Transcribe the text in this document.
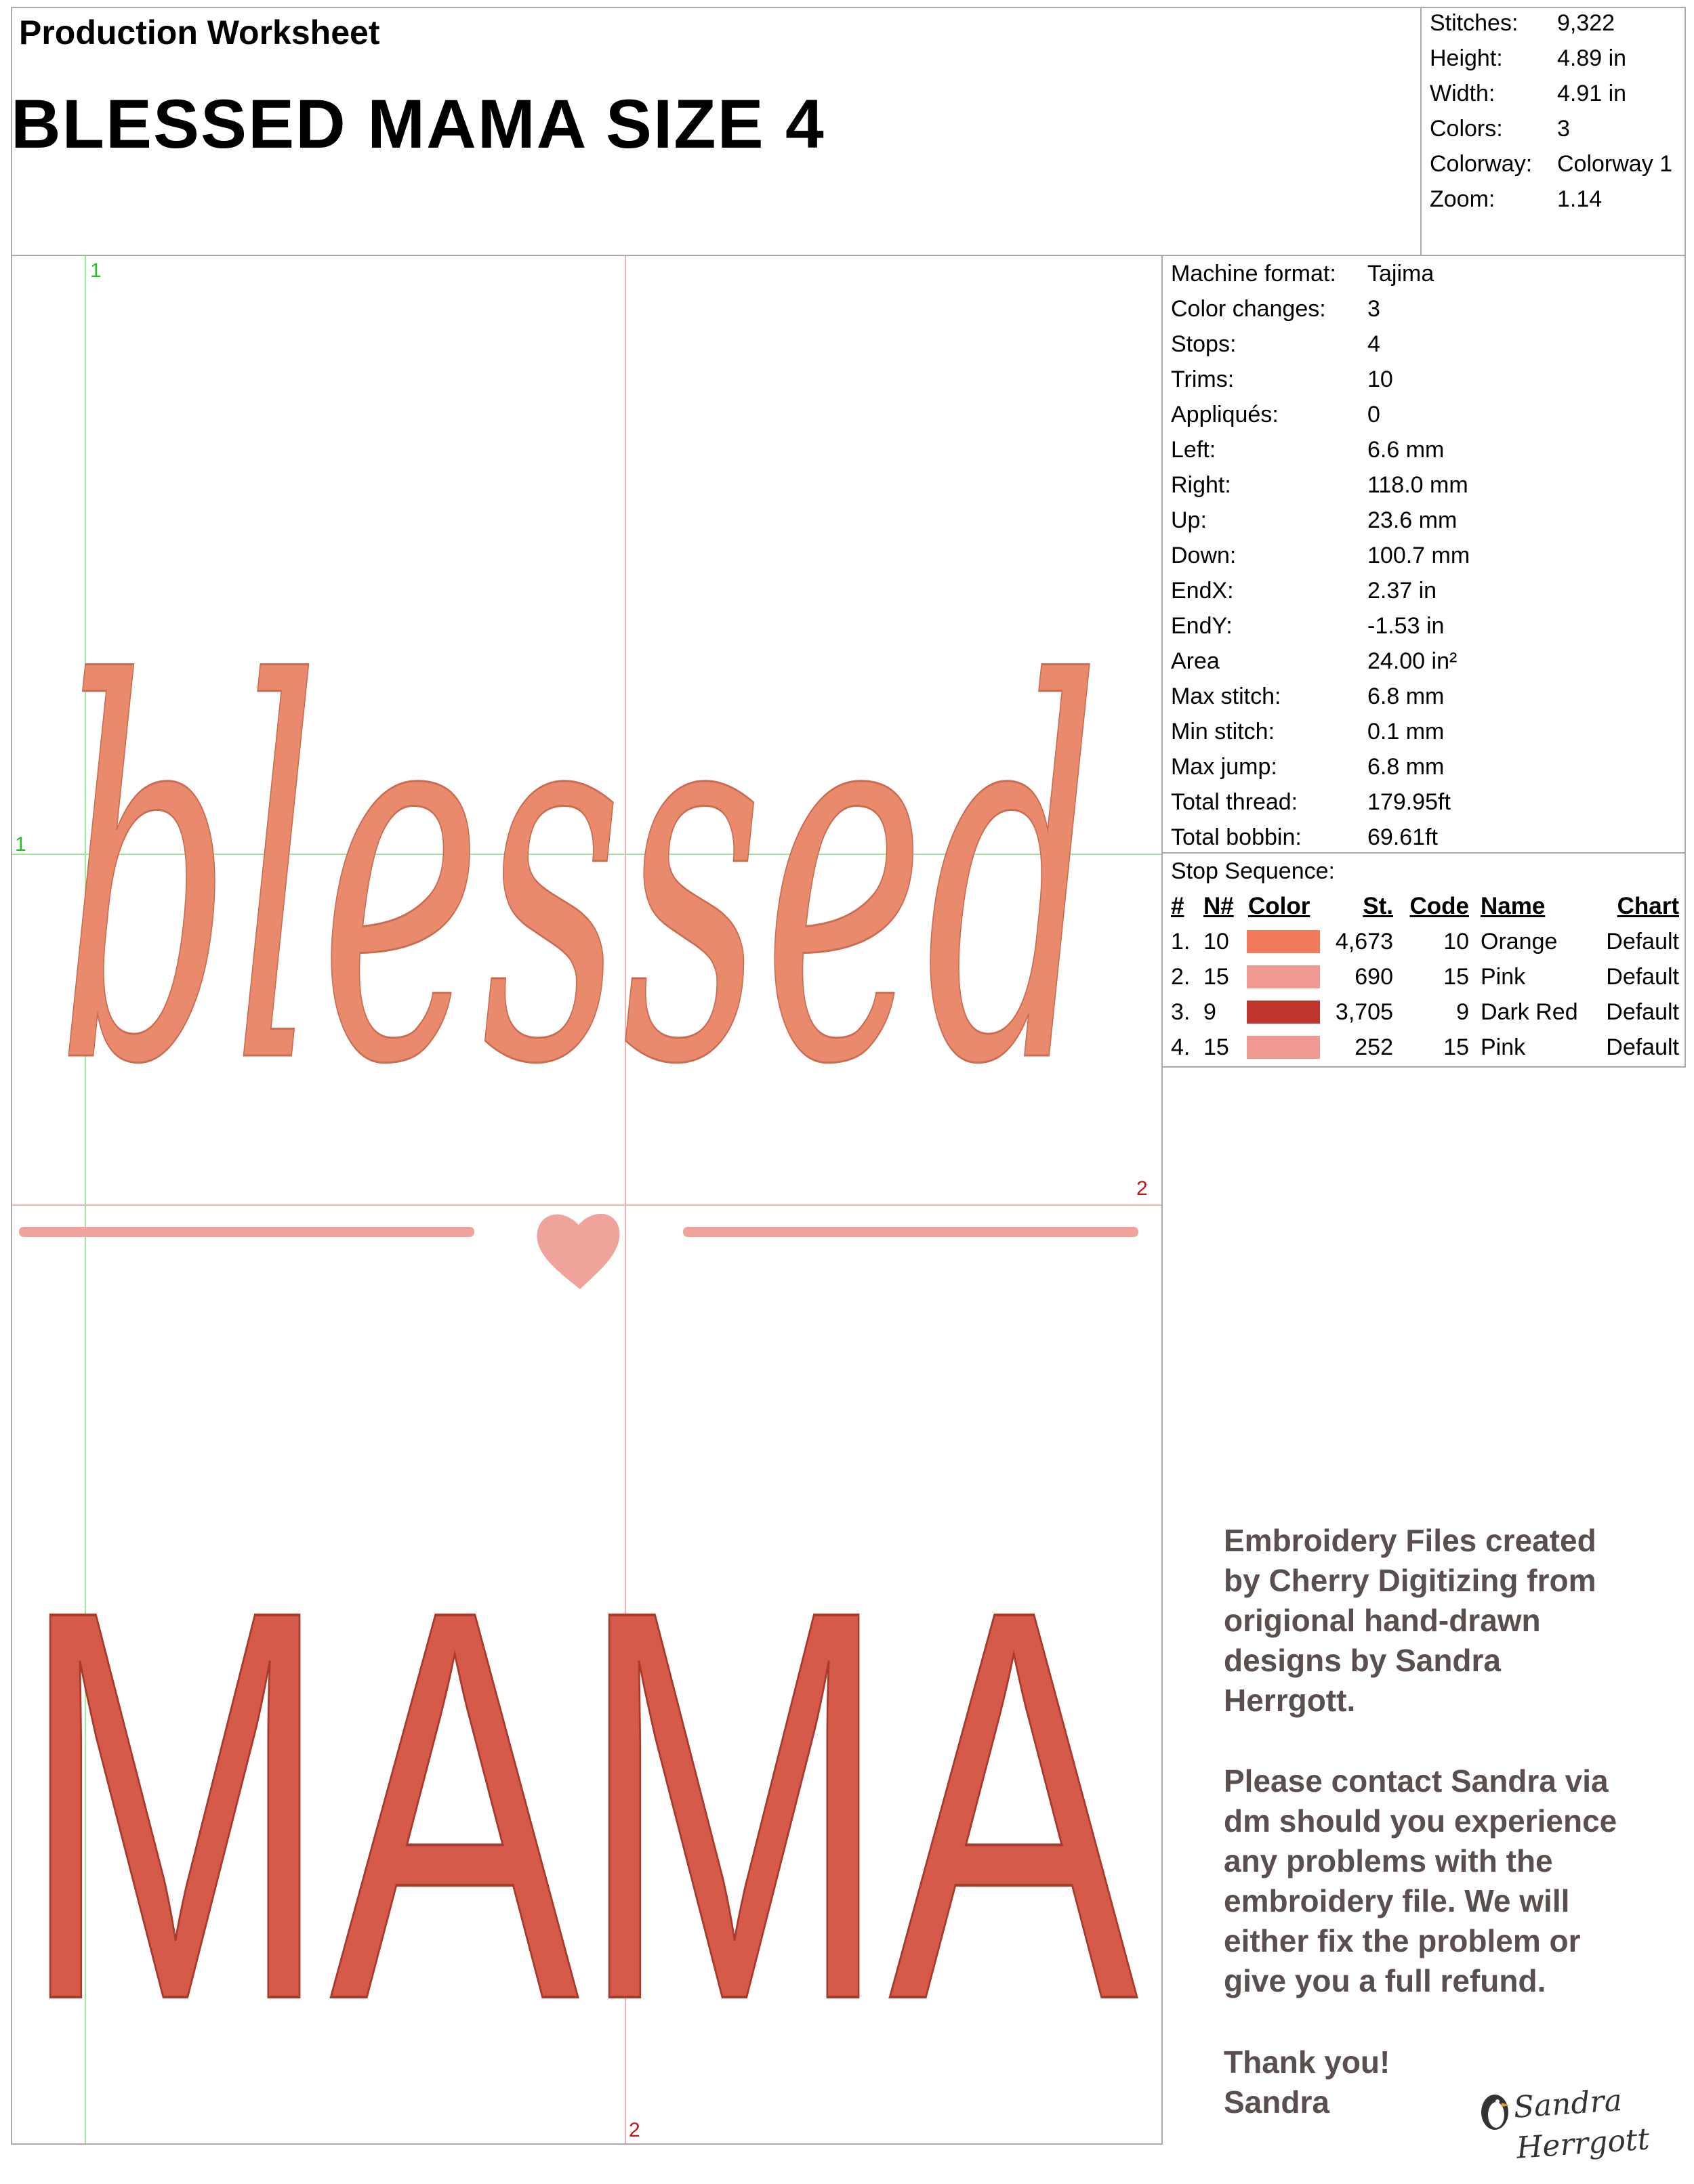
Production Worksheet
BLESSED MAMA SIZE 4
Stitches: 9,322
Height: 4.89 in
Width:	4.91 in
Colors: 3
Colorway: Colorway 1
Zoom:	1.14
blessed
MAMA
1
1
2
2
Machine format: Tajima
Color changes: 3
Stops:	4
Trims:	10
Appliqués:	0
Left:	6.6 mm
Right:	118.0 mm
Up:	23.6 mm
Down:	100.7 mm
EndX:	2.37 in
EndY:	-1.53 in
Area	24.00 in²
Max stitch:	6.8 mm
Min stitch:	0.1 mm
Max jump:	6.8 mm
Total thread:	179.95ft
Total bobbin:	69.61ft
Stop Sequence:
# N# Color	St. Code Name	Chart
1. 10	4,673	10 Orange	Default
2. 15	690	15 Pink	Default
3. 9	3,705	9 Dark Red	Default
4. 15	252	15 Pink	Default
Embroidery Files created
by Cherry Digitizing from
origional hand-drawn
designs by Sandra
Herrgott.
Please contact Sandra via
dm should you experience
any problems with the
embroidery file. We will
either fix the problem or
give you a full refund.
Thank you!
Sandra	Sandra Herrgott
